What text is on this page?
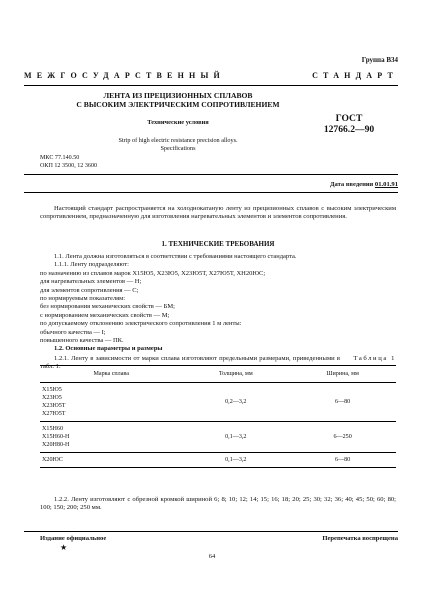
Группа В34
МЕЖГОСУДАРСТВЕННЫЙ	СТАНДАРТ
ЛЕНТА ИЗ ПРЕЦИЗИОННЫХ СПЛАВОВ
С ВЫСОКИМ ЭЛЕКТРИЧЕСКИМ СОПРОТИВЛЕНИЕМ
Технические условия
Strip of high electric resistance precision alloys.
Specifications
ГОСТ
12766.2—90
МКС 77.140.50
ОКП 12 3500, 12 3600
Дата введения 01.01.91
Настоящий стандарт распространяется на холоднокатаную ленту из прецизионных сплавов с высоким электрическим сопротивлением, предназначенную для изготовления нагревательных элементов и элементов сопротивления.
1. ТЕХНИЧЕСКИЕ ТРЕБОВАНИЯ
1.1. Лента должна изготовляться в соответствии с требованиями настоящего стандарта.
1.1.1. Ленту подразделяют:
по назначению из сплавов марок Х15Ю5, Х23Ю5, Х23Ю5Т, Х27Ю5Т, ХН20ЮС;
для нагревательных элементов — Н;
для элементов сопротивления — С;
по нормируемым показателям:
без нормирования механических свойств — БМ;
с нормированием механических свойств — М;
по допускаемому отклонению электрического сопротивления 1 м ленты:
обычного качества — I;
повышенного качества — ПК.
1.2. Основные параметры и размеры
1.2.1. Ленту в зависимости от марки сплава изготовляют предельными размерами, приведенными в табл. 1.
Таблица 1
Марка сплава	Толщина, мм	Ширина, мм

Х15Ю5
Х23Ю5
Х23Ю5Т
Х27Ю5Т	0,2—3,2	6—80

Х15Н60
Х15Н60-Н
Х20Н80-Н	0,1—3,2	6—250

Х20ЮС	0,1—3,2	6—80
1.2.2. Ленту изготовляют с обрезной кромкой шириной 6; 8; 10; 12; 14; 15; 16; 18; 20; 25; 30; 32; 36; 40; 45; 50; 60; 80; 100; 150; 200; 250 мм.
Издание официальное
★
Перепечатка воспрещена
64
